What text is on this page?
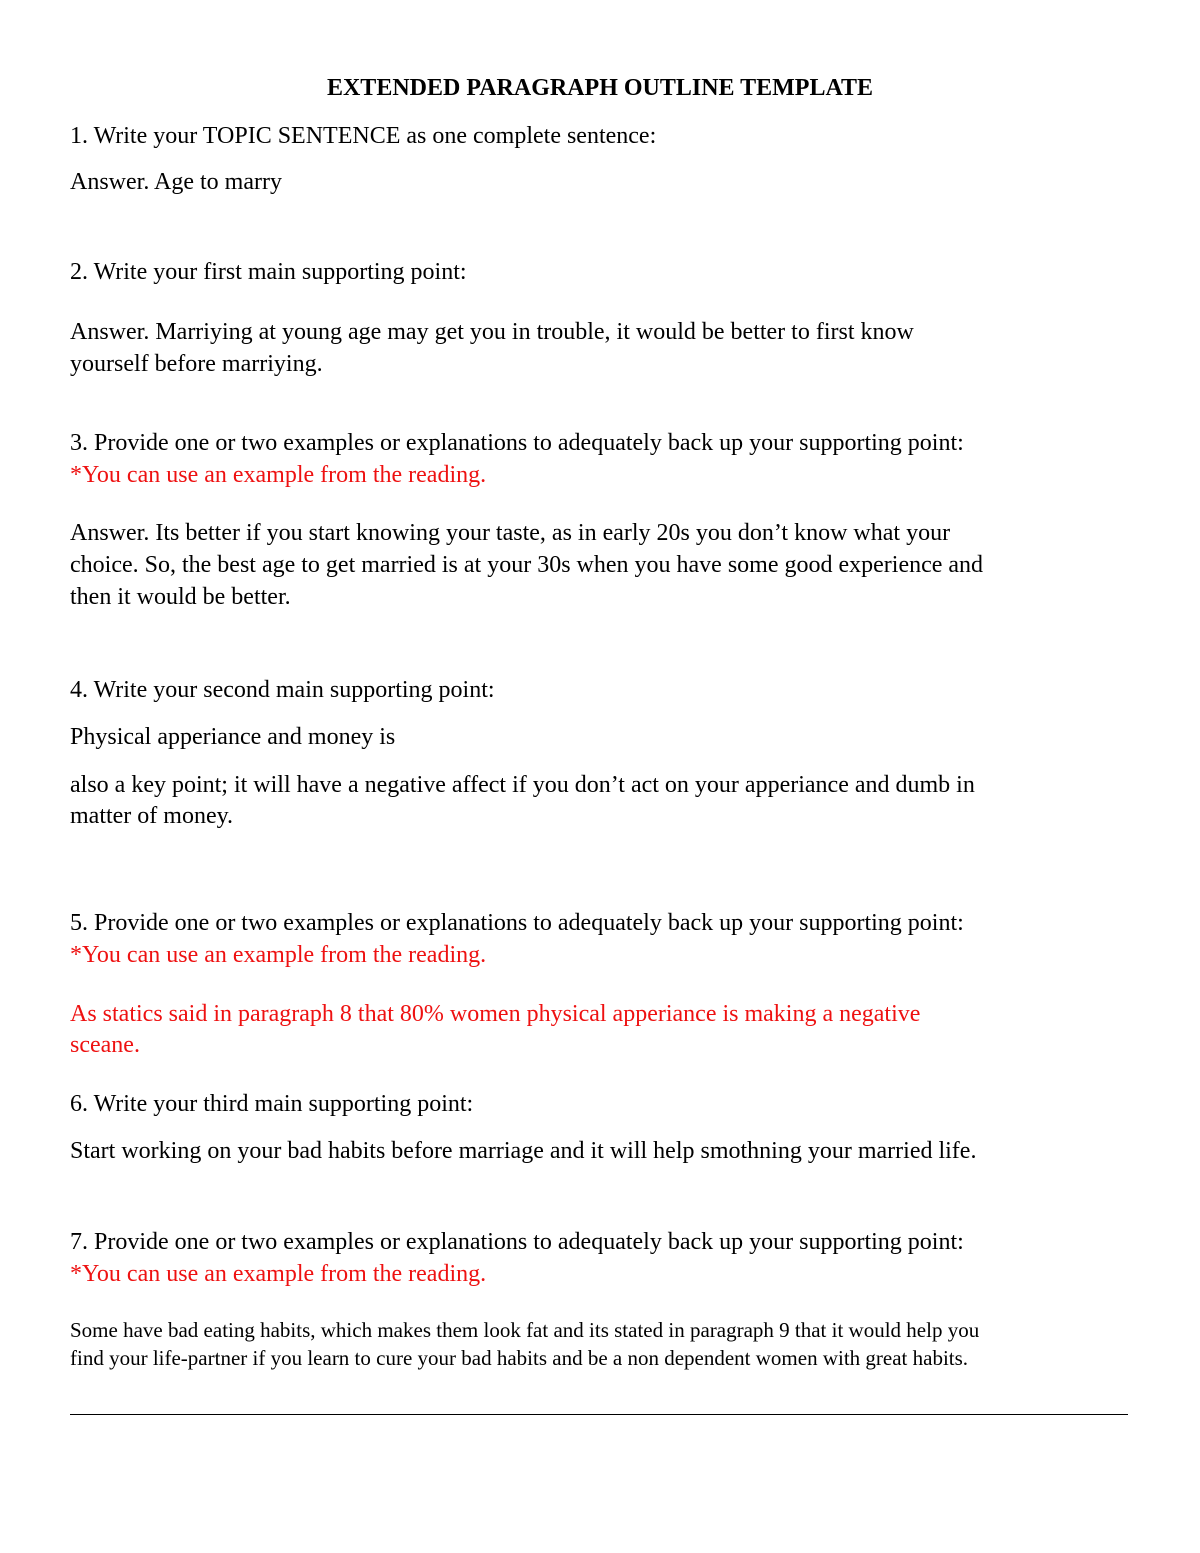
EXTENDED PARAGRAPH OUTLINE TEMPLATE
1. Write your TOPIC SENTENCE as one complete sentence:
Answer. Age to marry
2. Write your first main supporting point:
Answer. Marriying at young age may get you in trouble, it would be better to first know
yourself before marriying.
3. Provide one or two examples or explanations to adequately back up your supporting point:
*You can use an example from the reading.
Answer. Its better if you start knowing your taste, as in early 20s you don’t know what your
choice. So, the best age to get married is at your 30s when you have some good experience and
then it would be better.
4. Write your second main supporting point:
Physical apperiance and money is
also a key point; it will have a negative affect if you don’t act on your apperiance and dumb in
matter of money.
5. Provide one or two examples or explanations to adequately back up your supporting point:
*You can use an example from the reading.
As statics said in paragraph 8 that 80% women physical apperiance is making a negative
sceane.
6. Write your third main supporting point:
Start working on your bad habits before marriage and it will help smothning your married life.
7. Provide one or two examples or explanations to adequately back up your supporting point:
*You can use an example from the reading.
Some have bad eating habits, which makes them look fat and its stated in paragraph 9 that it would help you
find your life-partner if you learn to cure your bad habits and be a non dependent women with great habits.
